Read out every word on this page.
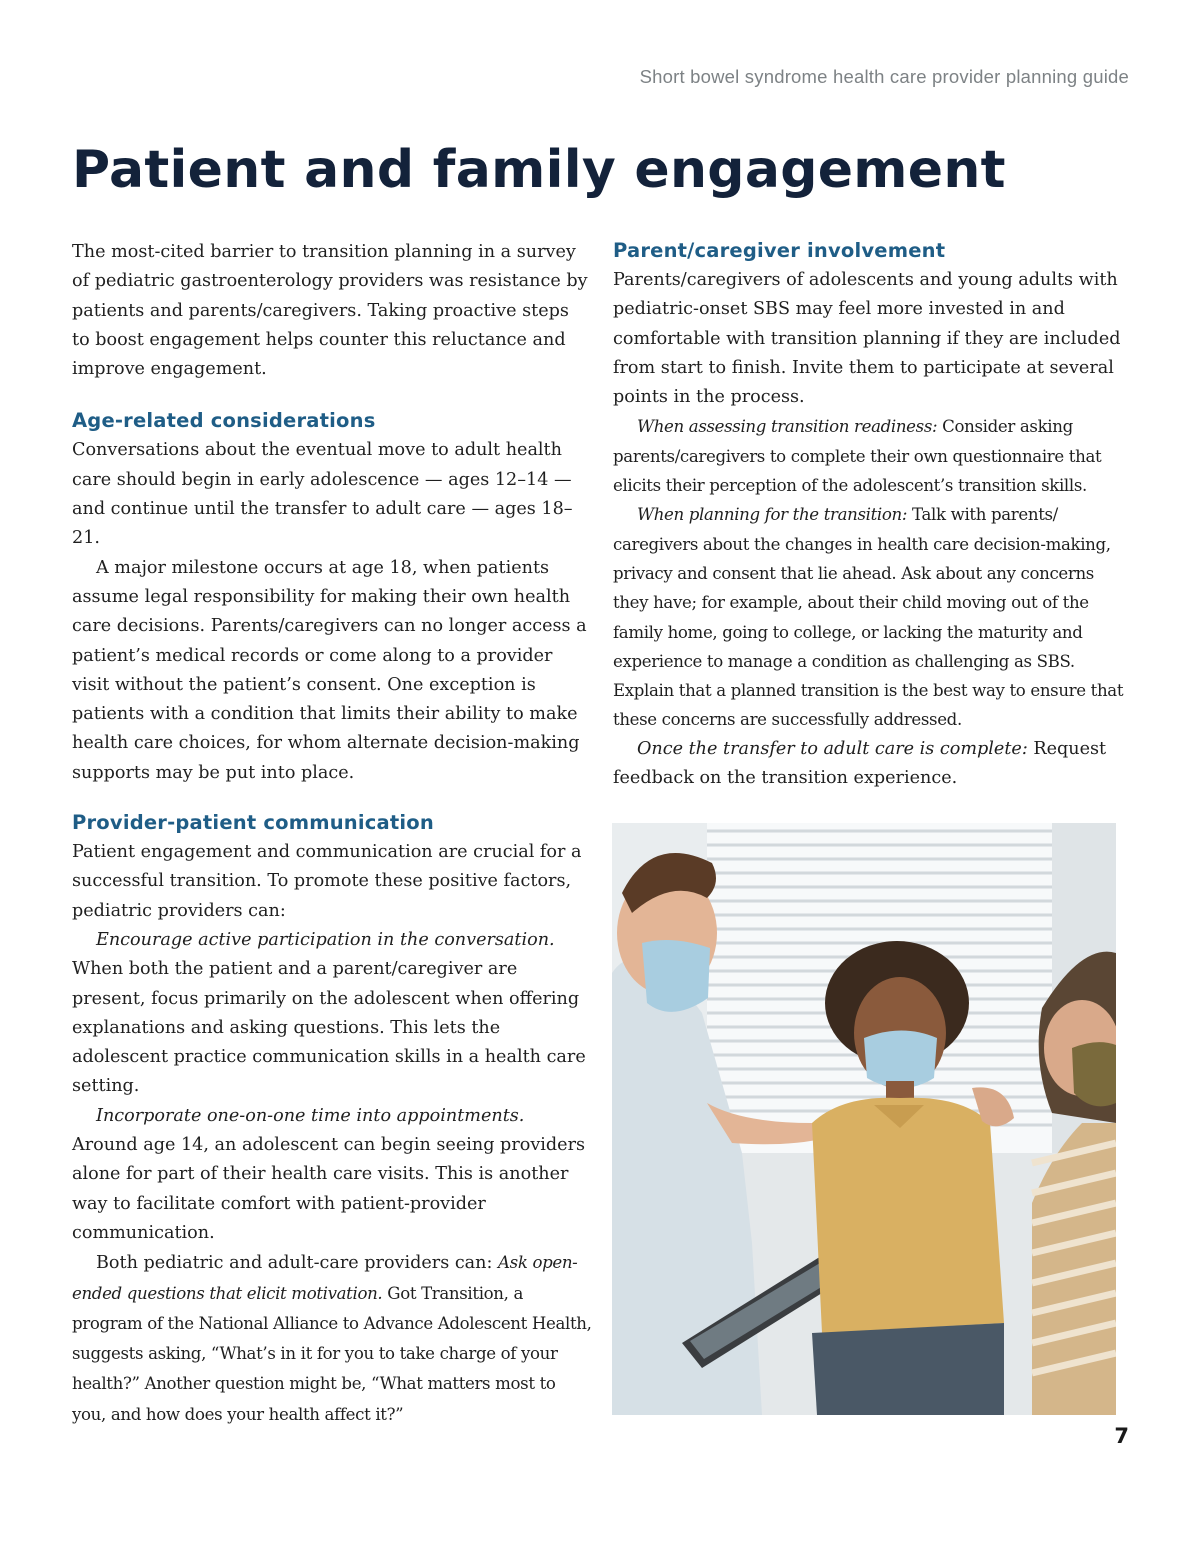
Short bowel syndrome health care provider planning guide
Patient and family engagement

The most-cited barrier to transition planning in a survey of pediatric gastroenterology providers was resistance by patients and parents/caregivers. Taking proactive steps to boost engagement helps counter this reluctance and improve engagement.

Age-related considerations

Conversations about the eventual move to adult health care should begin in early adolescence — ages 12–14 — and continue until the transfer to adult care — ages 18–21.

A major milestone occurs at age 18, when patients assume legal responsibility for making their own health care decisions. Parents/caregivers can no longer access a patient’s medical records or come along to a provider visit without the patient’s consent. One exception is patients with a condition that limits their ability to make health care choices, for whom alternate decision-making supports may be put into place.

Provider-patient communication

Patient engagement and communication are crucial for a successful transition. To promote these positive factors, pediatric providers can:

Encourage active participation in the conversation. When both the patient and a parent/caregiver are present, focus primarily on the adolescent when offering explanations and asking questions. This lets the adolescent practice communication skills in a health care setting.

Incorporate one-on-one time into appointments. Around age 14, an adolescent can begin seeing providers alone for part of their health care visits. This is another way to facilitate comfort with patient-provider communication.

Both pediatric and adult-care providers can: Ask open-ended questions that elicit motivation. Got Transition, a program of the National Alliance to Advance Adolescent Health, suggests asking, “What’s in it for you to take charge of your health?” Another question might be, “What matters most to you, and how does your health affect it?”

Parent/caregiver involvement

Parents/caregivers of adolescents and young adults with pediatric-onset SBS may feel more invested in and comfortable with transition planning if they are included from start to finish. Invite them to participate at several points in the process.

When assessing transition readiness: Consider asking parents/caregivers to complete their own questionnaire that elicits their perception of the adolescent’s transition skills.

When planning for the transition: Talk with parents/ caregivers about the changes in health care decision-making, privacy and consent that lie ahead. Ask about any concerns they have; for example, about their child moving out of the family home, going to college, or lacking the maturity and experience to manage a condition as challenging as SBS. Explain that a planned transition is the best way to ensure that these concerns are successfully addressed.

Once the transfer to adult care is complete: Request feedback on the transition experience.

7
